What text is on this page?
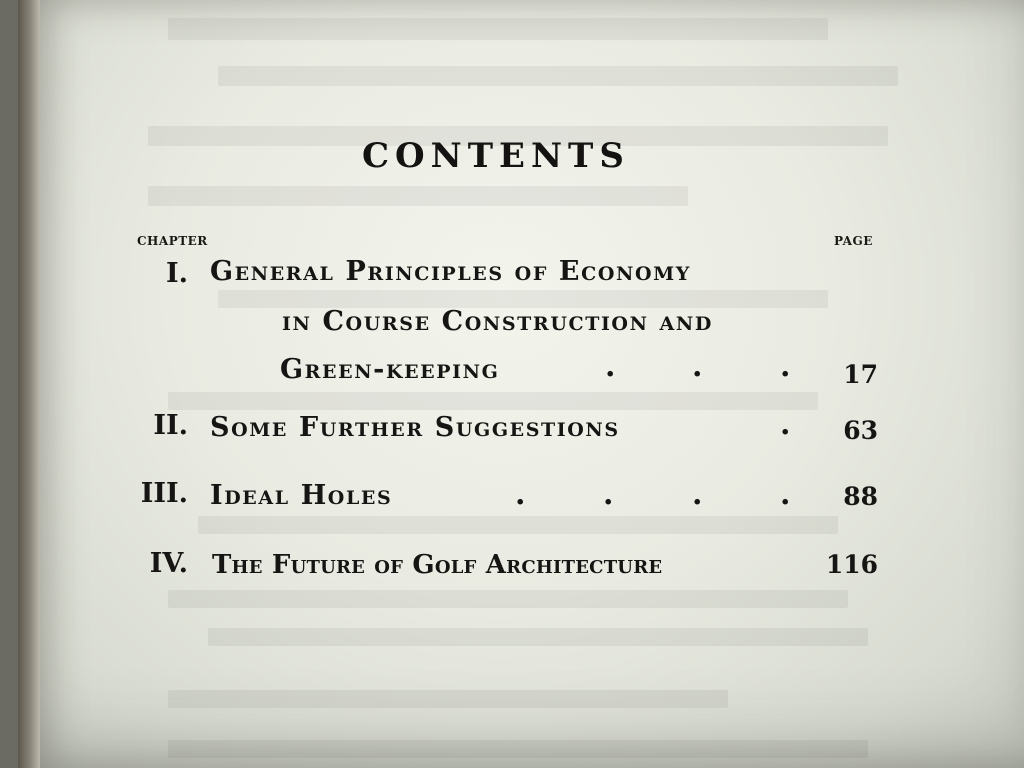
CONTENTS
CHAPTER	PAGE
I. General Principles of Economy
in Course Construction and
Green-keeping	.	.	.	17
II. Some Further Suggestions	.	63
III. Ideal Holes	.	.	.	.	88
IV. The Future of Golf Architecture	116
